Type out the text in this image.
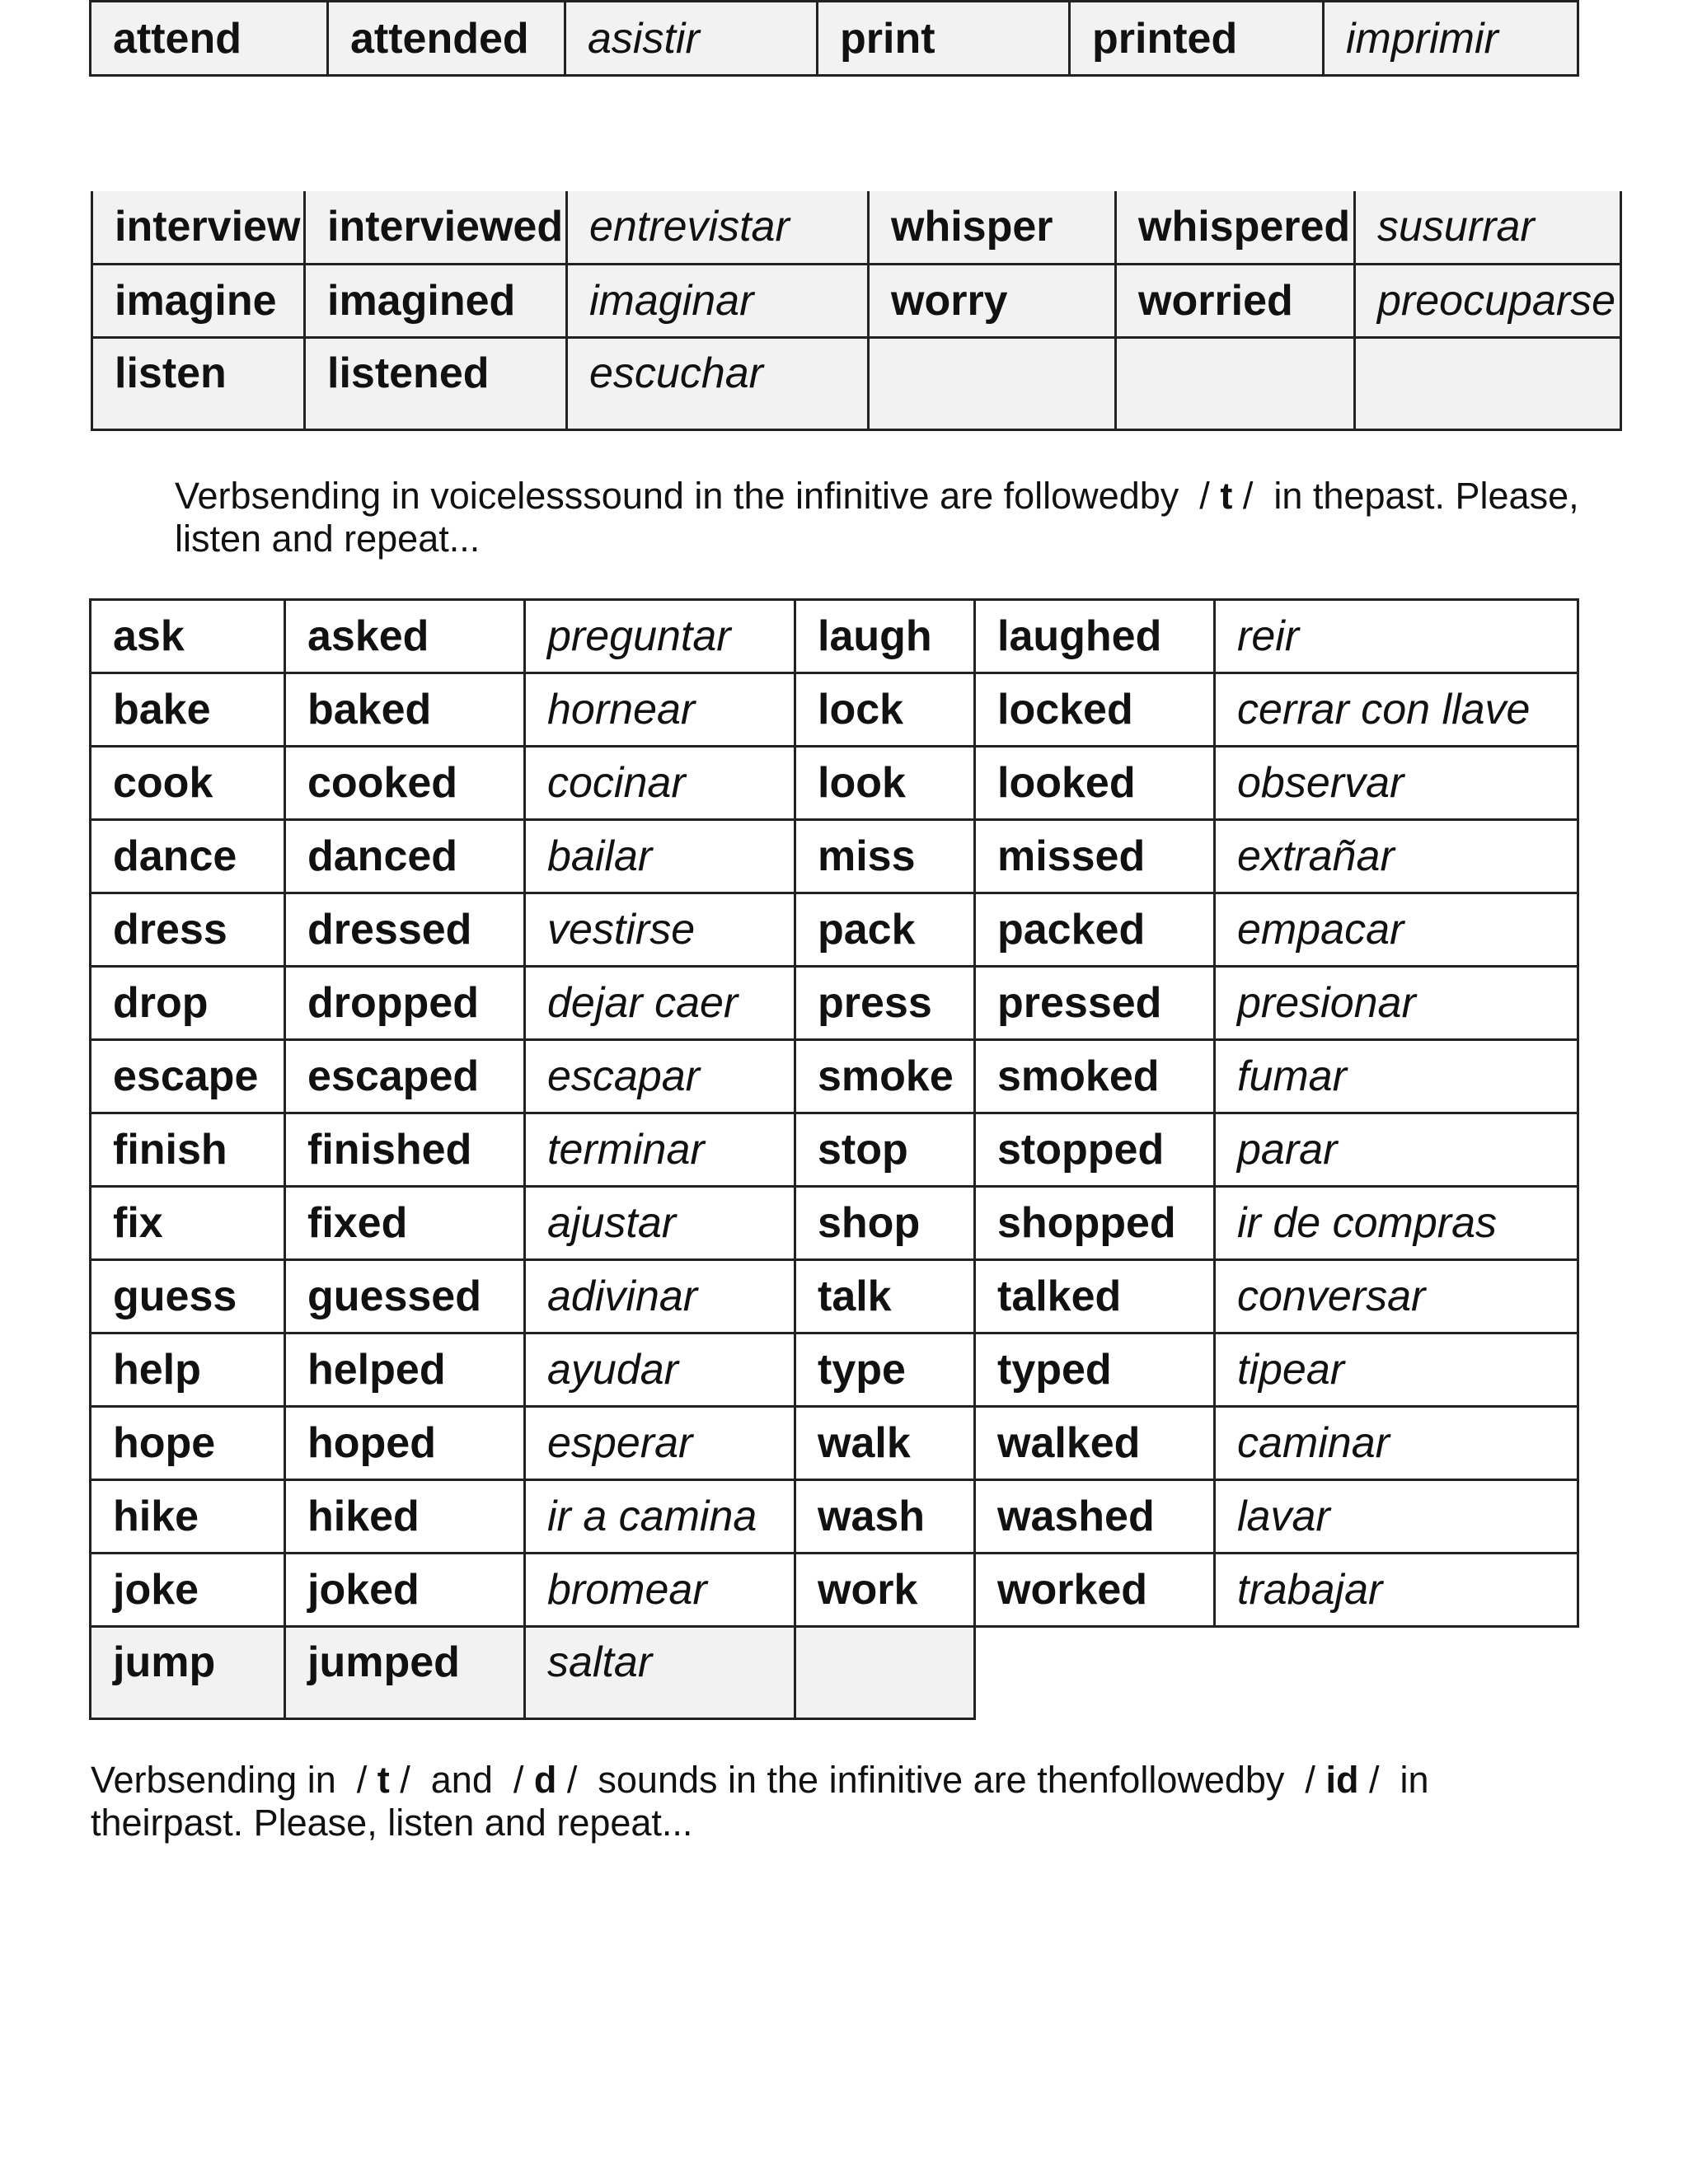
attend	attended	asistir	print	printed	imprimir
interview	interviewed	entrevistar	whisper	whispered	susurrar
imagine	imagined	imaginar	worry	worried	preocuparse
listen	listened	escuchar			
Verbsending in voicelesssound in the infinitive are followedby / t / in thepast. Please,
listen and repeat...
ask	asked	preguntar	laugh	laughed	reir
bake	baked	hornear	lock	locked	cerrar con llave
cook	cooked	cocinar	look	looked	observar
dance	danced	bailar	miss	missed	extrañar
dress	dressed	vestirse	pack	packed	empacar
drop	dropped	dejar caer	press	pressed	presionar
escape	escaped	escapar	smoke	smoked	fumar
finish	finished	terminar	stop	stopped	parar
fix	fixed	ajustar	shop	shopped	ir de compras
guess	guessed	adivinar	talk	talked	conversar
help	helped	ayudar	type	typed	tipear
hope	hoped	esperar	walk	walked	caminar
hike	hiked	ir a camina	wash	washed	lavar
joke	joked	bromear	work	worked	trabajar
jump	jumped	saltar			
Verbsending in  / t /  and  / d /  sounds in the infinitive are thenfollowedby  / id /  in
theirpast. Please, listen and repeat...
